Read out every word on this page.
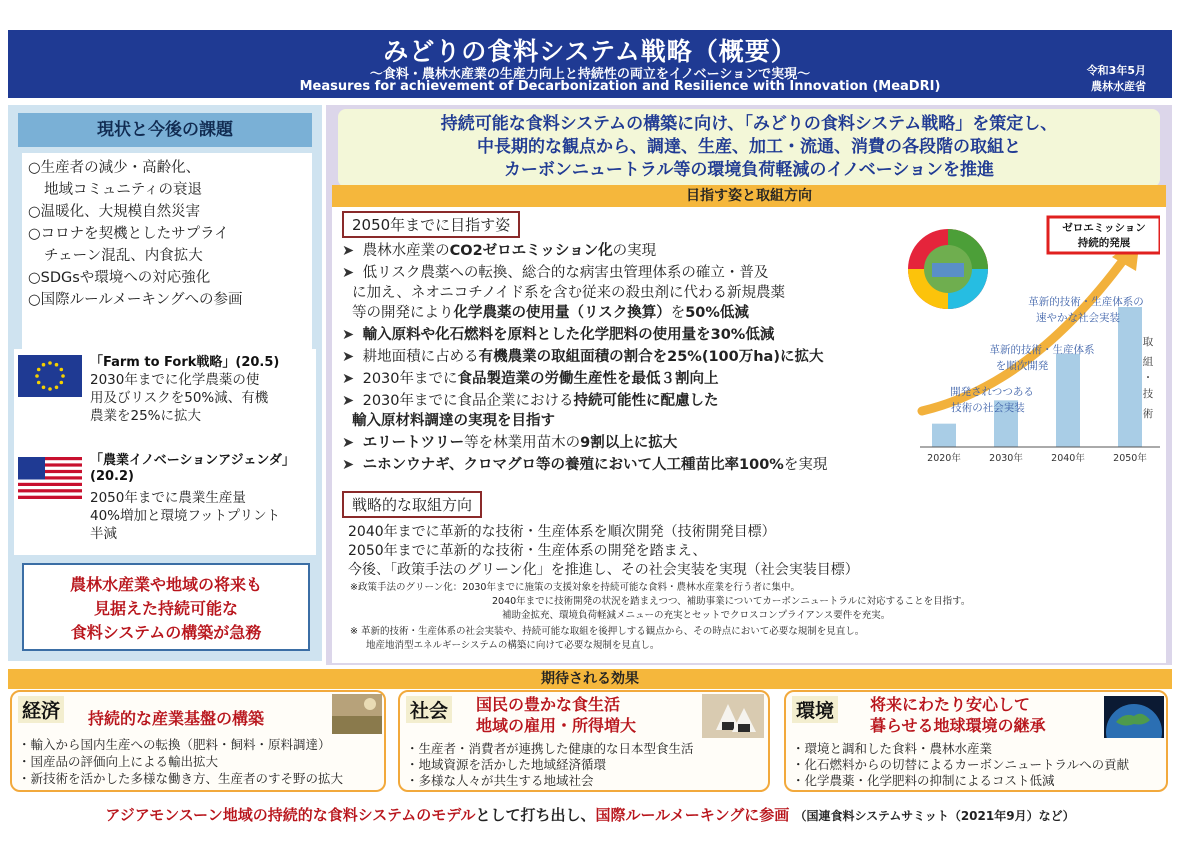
みどりの食料システム戦略（概要）
～食料・農林水産業の生産力向上と持続性の両立をイノベーションで実現～
Measures for achievement of Decarbonization and Resilience with Innovation (MeaDRI)
令和3年5月
農林水産省
現状と今後の課題
○生産者の減少・高齢化、
地域コミュニティの衰退
○温暖化、大規模自然災害
○コロナを契機としたサプライ
チェーン混乱、内食拡大
○SDGsや環境への対応強化
○国際ルールメーキングへの参画
「Farm to Fork戦略」(20.5)
2030年までに化学農薬の使
用及びリスクを50%減、有機
農業を25%に拡大
「農業イノベーションアジェンダ」
(20.2)
2050年までに農業生産量
40%増加と環境フットプリント
半減
農林水産業や地域の将来も
見据えた持続可能な
食料システムの構築が急務
持続可能な食料システムの構築に向け、「みどりの食料システム戦略」を策定し、
中長期的な観点から、調達、生産、加工・流通、消費の各段階の取組と
カーボンニュートラル等の環境負荷軽減のイノベーションを推進
目指す姿と取組方向
2050年までに目指す姿
➤ 農林水産業のCO2ゼロエミッション化の実現
➤ 低リスク農薬への転換、総合的な病害虫管理体系の確立・普及
に加え、ネオニコチノイド系を含む従来の殺虫剤に代わる新規農薬
等の開発により化学農薬の使用量（リスク換算）を50%低減
➤ 輸入原料や化石燃料を原料とした化学肥料の使用量を30%低減
➤ 耕地面積に占める有機農業の取組面積の割合を25%(100万ha)に拡大
➤ 2030年までに食品製造業の労働生産性を最低３割向上
➤ 2030年までに食品企業における持続可能性に配慮した
輸入原材料調達の実現を目指す
➤ エリートツリー等を林業用苗木の9割以上に拡大
➤ ニホンウナギ、クロマグロ等の養殖において人工種苗比率100%を実現
ゼロエミッション
持続的発展
革新的技術・生産体系の
速やかな社会実装
革新的技術・生産体系
を順次開発
開発されつつある
技術の社会実装
取
組
・
技
術
2020年	2030年	2040年	2050年
戦略的な取組方向
2040年までに革新的な技術・生産体系を順次開発（技術開発目標）
2050年までに革新的な技術・生産体系の開発を踏まえ、
今後、「政策手法のグリーン化」を推進し、その社会実装を実現（社会実装目標）
※政策手法のグリーン化：2030年までに施策の支援対象を持続可能な食料・農林水産業を行う者に集中。
2040年までに技術開発の状況を踏まえつつ、補助事業についてカーボンニュートラルに対応することを目指す。
補助金拡充、環境負荷軽減メニューの充実とセットでクロスコンプライアンス要件を充実。
※ 革新的技術・生産体系の社会実装や、持続可能な取組を後押しする観点から、その時点において必要な規制を見直し。
地産地消型エネルギーシステムの構築に向けて必要な規制を見直し。
期待される効果
経済 持続的な産業基盤の構築
・輸入から国内生産への転換（肥料・飼料・原料調達）
・国産品の評価向上による輸出拡大
・新技術を活かした多様な働き方、生産者のすそ野の拡大
社会 国民の豊かな食生活
地域の雇用・所得増大
・生産者・消費者が連携した健康的な日本型食生活
・地域資源を活かした地域経済循環
・多様な人々が共生する地域社会
環境 将来にわたり安心して
暮らせる地球環境の継承
・環境と調和した食料・農林水産業
・化石燃料からの切替によるカーボンニュートラルへの貢献
・化学農薬・化学肥料の抑制によるコスト低減
アジアモンスーン地域の持続的な食料システムのモデルとして打ち出し、国際ルールメーキングに参画 （国連食料システムサミット（2021年9月）など）
